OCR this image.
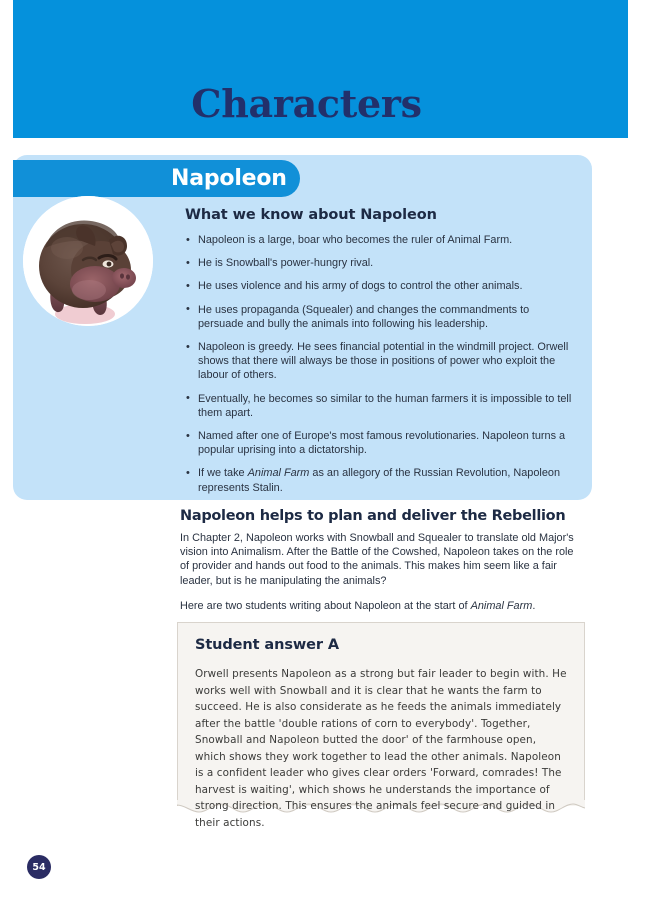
Characters
Napoleon
What we know about Napoleon
• Napoleon is a large, boar who becomes the ruler of Animal Farm.
• He is Snowball's power-hungry rival.
• He uses violence and his army of dogs to control the other animals.
• He uses propaganda (Squealer) and changes the commandments to persuade and bully the animals into following his leadership.
• Napoleon is greedy. He sees financial potential in the windmill project. Orwell shows that there will always be those in positions of power who exploit the labour of others.
• Eventually, he becomes so similar to the human farmers it is impossible to tell them apart.
• Named after one of Europe's most famous revolutionaries. Napoleon turns a popular uprising into a dictatorship.
• If we take Animal Farm as an allegory of the Russian Revolution, Napoleon represents Stalin.
Napoleon helps to plan and deliver the Rebellion

In Chapter 2, Napoleon works with Snowball and Squealer to translate old Major's vision into Animalism. After the Battle of the Cowshed, Napoleon takes on the role of provider and hands out food to the animals. This makes him seem like a fair leader, but is he manipulating the animals?

Here are two students writing about Napoleon at the start of Animal Farm.

Student answer A
Orwell presents Napoleon as a strong but fair leader to begin with. He works well with Snowball and it is clear that he wants the farm to succeed. He is also considerate as he feeds the animals immediately after the battle 'double rations of corn to everybody'. Together, Snowball and Napoleon butted the door' of the farmhouse open, which shows they work together to lead the other animals. Napoleon is a confident leader who gives clear orders 'Forward, comrades! The harvest is waiting', which shows he understands the importance of strong direction. This ensures the animals feel secure and guided in their actions.
54
